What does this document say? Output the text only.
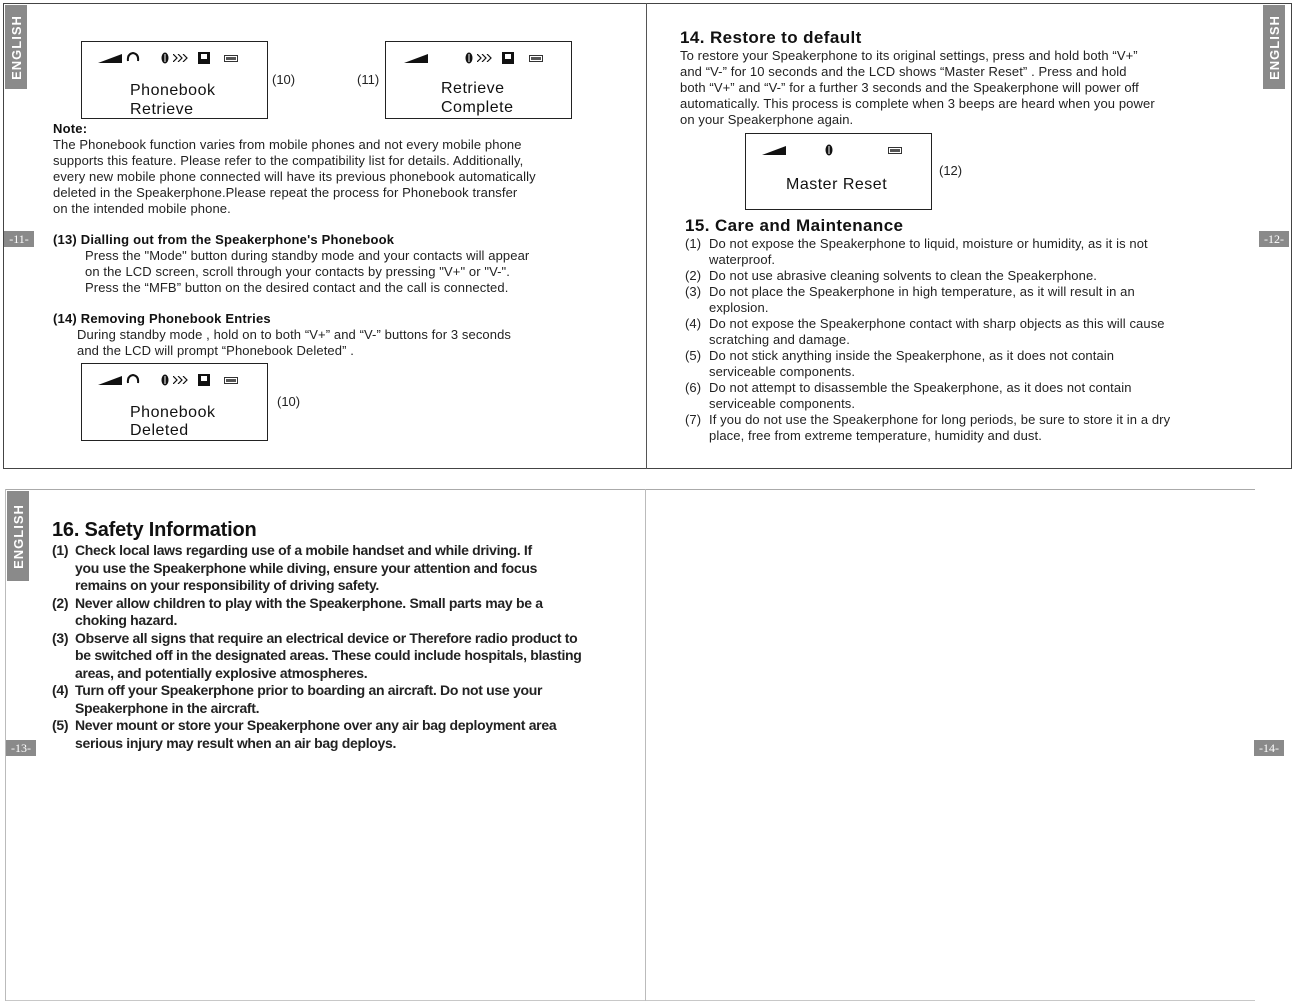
ENGLISH	ENGLISH
ENGLISH
-11-	-12-
-13-	-14-
Phonebook
Retrieve
(10)	(11)
Retrieve
Complete
Note:
The Phonebook function varies from mobile phones and not every mobile phone
supports this feature. Please refer to the compatibility list for details. Additionally,
every new mobile phone connected will have its previous phonebook automatically
deleted in the Speakerphone.Please repeat the process for Phonebook transfer
on the intended mobile phone.
(13) Dialling out from the Speakerphone's Phonebook
Press the "Mode" button during standby mode and your contacts will appear
on the LCD screen, scroll through your contacts by pressing "V+" or "V-".
Press the “MFB” button on the desired contact and the call is connected.
(14) Removing Phonebook Entries
During standby mode , hold on to both “V+” and “V-” buttons for 3 seconds
and the LCD will prompt “Phonebook Deleted” .
Phonebook
Deleted
(10)
14. Restore to default
To restore your Speakerphone to its original settings, press and hold both “V+”
and “V-” for 10 seconds and the LCD shows “Master Reset” . Press and hold
both “V+” and “V-” for a further 3 seconds and the Speakerphone will power off
automatically. This process is complete when 3 beeps are heard when you power
on your Speakerphone again.
Master Reset
(12)
15. Care and Maintenance
(1) Do not expose the Speakerphone to liquid, moisture or humidity, as it is not
waterproof.
(2) Do not use abrasive cleaning solvents to clean the Speakerphone.
(3) Do not place the Speakerphone in high temperature, as it will result in an
explosion.
(4) Do not expose the Speakerphone contact with sharp objects as this will cause
scratching and damage.
(5) Do not stick anything inside the Speakerphone, as it does not contain
serviceable components.
(6) Do not attempt to disassemble the Speakerphone, as it does not contain
serviceable components.
(7) If you do not use the Speakerphone for long periods, be sure to store it in a dry
place, free from extreme temperature, humidity and dust.
16. Safety Information
(1) Check local laws regarding use of a mobile handset and while driving. If
you use the Speakerphone while diving, ensure your attention and focus
remains on your responsibility of driving safety.
(2) Never allow children to play with the Speakerphone. Small parts may be a
choking hazard.
(3) Observe all signs that require an electrical device or Therefore radio product to
be switched off in the designated areas. These could include hospitals, blasting
areas, and potentially explosive atmospheres.
(4) Turn off your Speakerphone prior to boarding an aircraft. Do not use your
Speakerphone in the aircraft.
(5) Never mount or store your Speakerphone over any air bag deployment area
serious injury may result when an air bag deploys.
